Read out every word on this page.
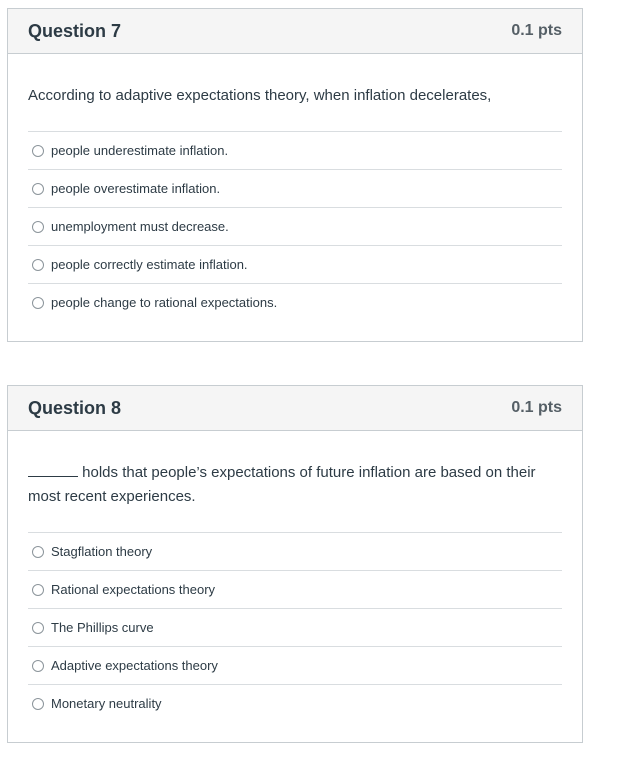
Question 7	0.1 pts

According to adaptive expectations theory, when inflation decelerates,

people underestimate inflation.
people overestimate inflation.
unemployment must decrease.
people correctly estimate inflation.
people change to rational expectations.
Question 8	0.1 pts

holds that people’s expectations of future inflation are based on their most recent experiences.

Stagflation theory
Rational expectations theory
The Phillips curve
Adaptive expectations theory
Monetary neutrality
